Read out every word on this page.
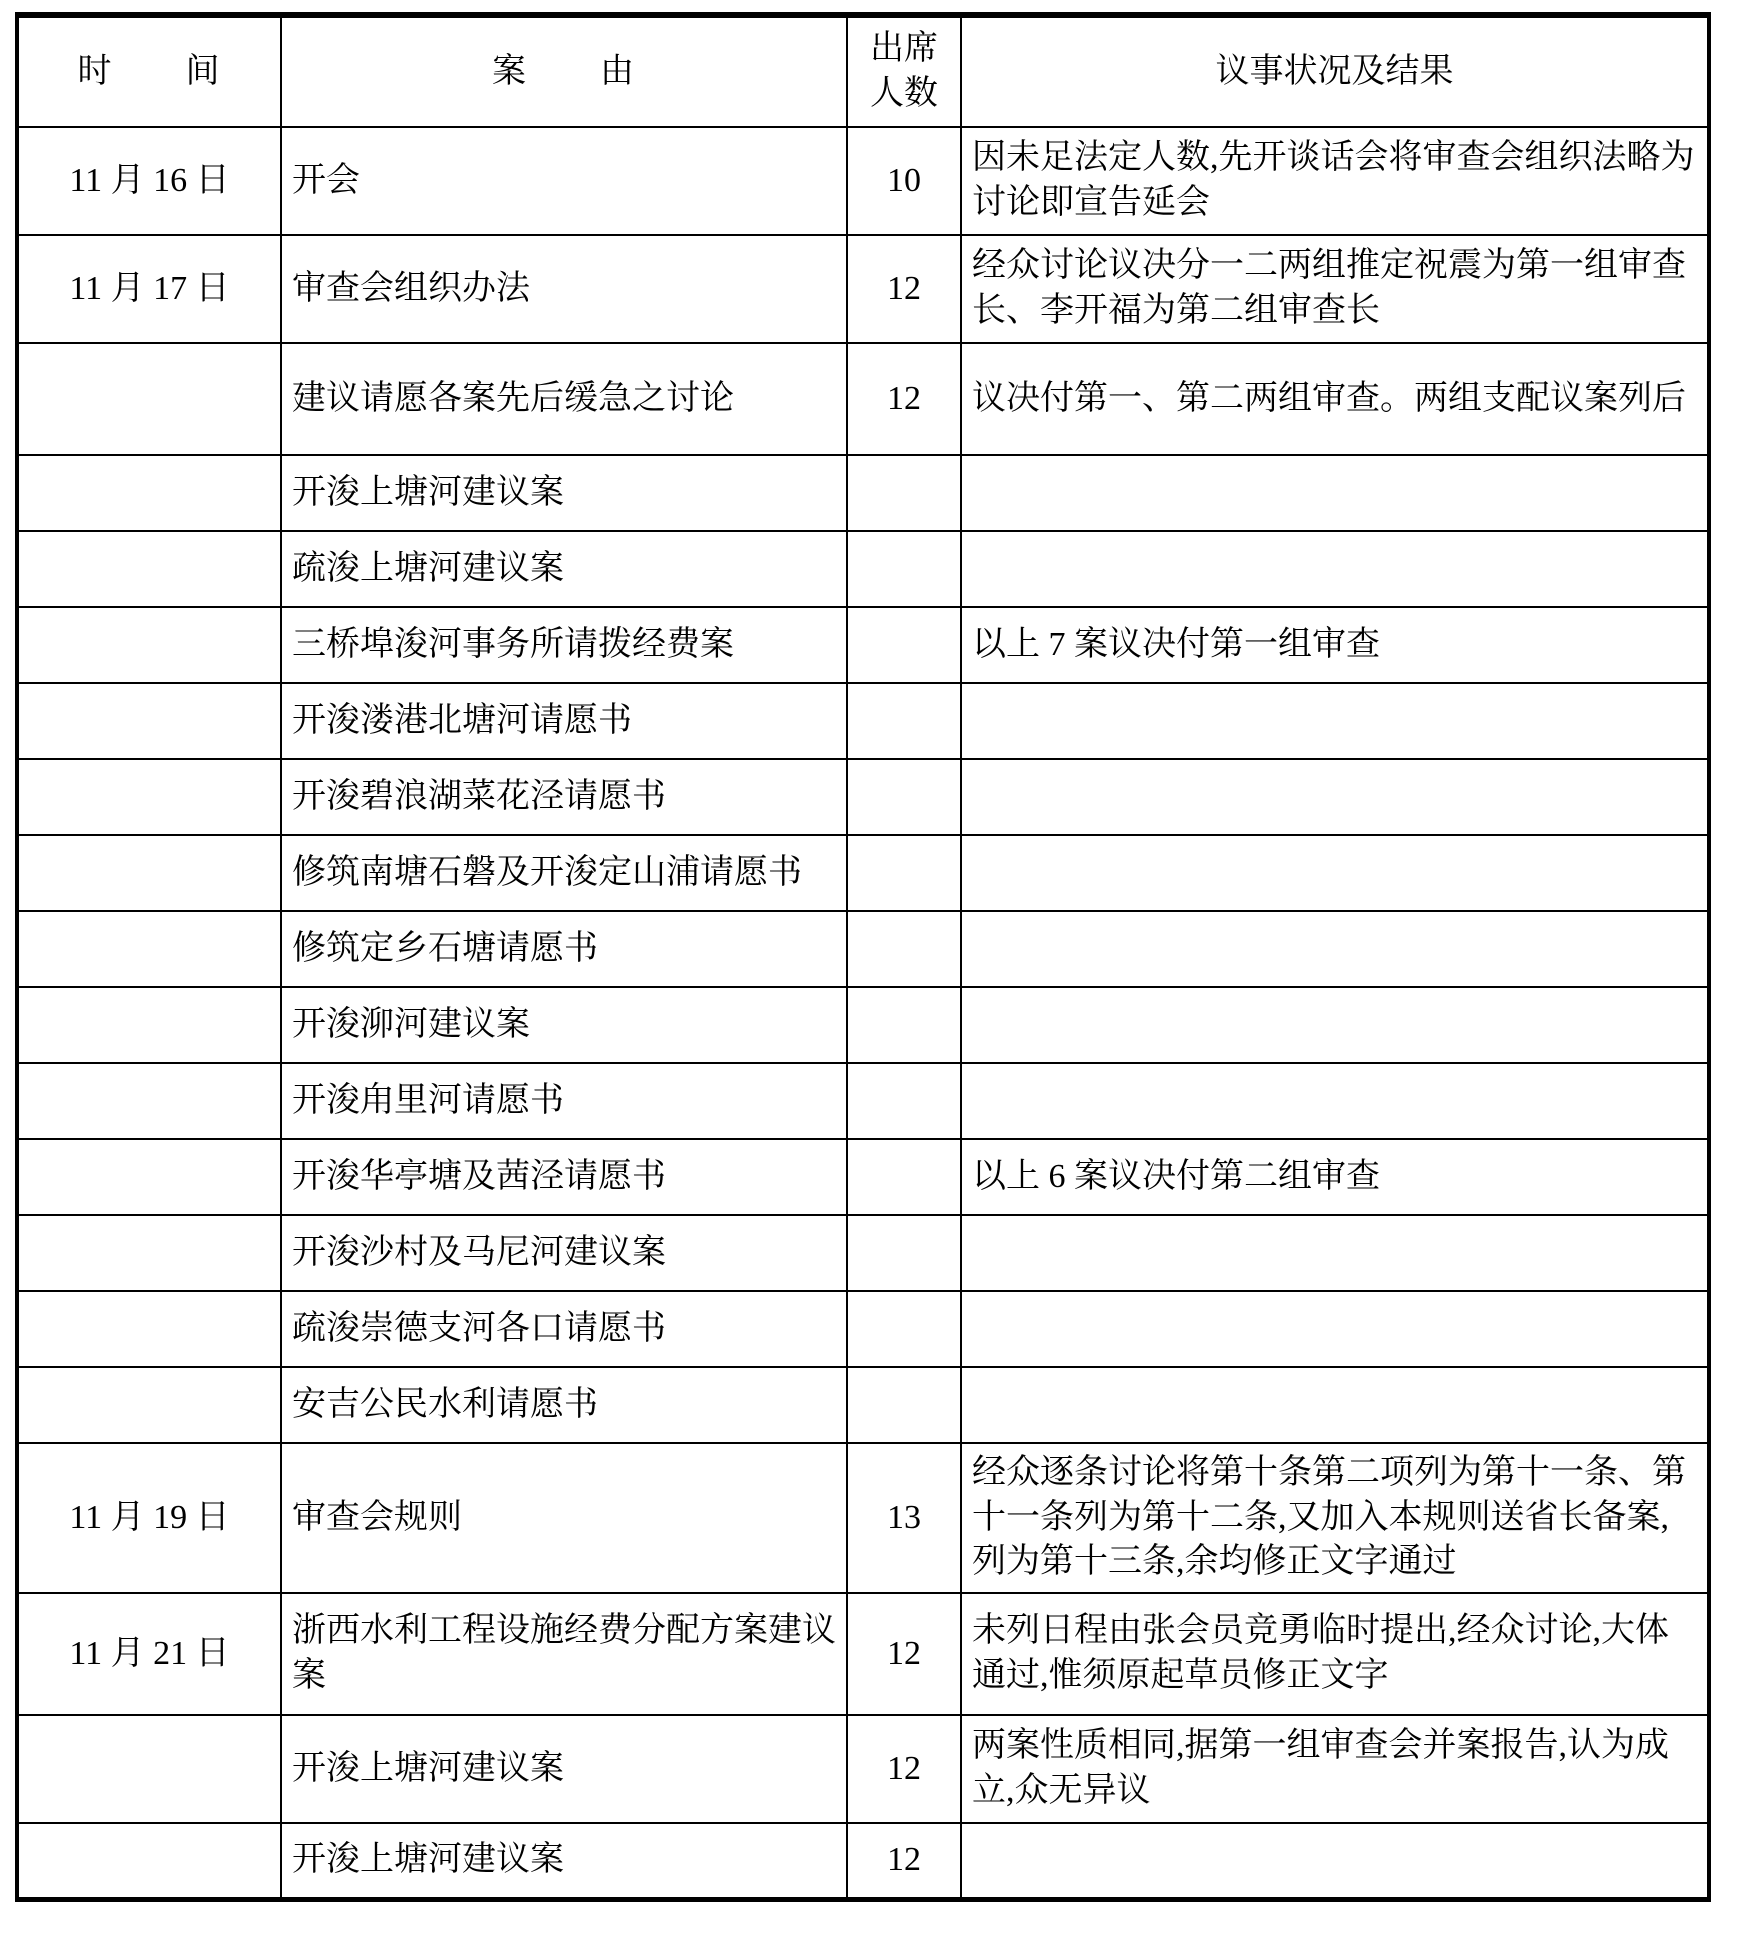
时　　间	案　　由	出席人数	议事状况及结果
11 月 16 日	开会	10	因未足法定人数,先开谈话会将审查会组织法略为讨论即宣告延会
11 月 17 日	审查会组织办法	12	经众讨论议决分一二两组推定祝震为第一组审查长、李开福为第二组审查长
	建议请愿各案先后缓急之讨论	12	议决付第一、第二两组审查。两组支配议案列后
	开浚上塘河建议案		
	疏浚上塘河建议案		
	三桥埠浚河事务所请拨经费案		以上 7 案议决付第一组审查
	开浚溇港北塘河请愿书		
	开浚碧浪湖菜花泾请愿书		
	修筑南塘石磐及开浚定山浦请愿书		
	修筑定乡石塘请愿书		
	开浚泖河建议案		
	开浚甪里河请愿书		
	开浚华亭塘及茜泾请愿书		以上 6 案议决付第二组审查
	开浚沙村及马尼河建议案		
	疏浚崇德支河各口请愿书		
	安吉公民水利请愿书		
11 月 19 日	审查会规则	13	经众逐条讨论将第十条第二项列为第十一条、第十一条列为第十二条,又加入本规则送省长备案,列为第十三条,余均修正文字通过
11 月 21 日	浙西水利工程设施经费分配方案建议案	12	未列日程由张会员竞勇临时提出,经众讨论,大体通过,惟须原起草员修正文字
	开浚上塘河建议案	12	两案性质相同,据第一组审查会并案报告,认为成立,众无异议
	开浚上塘河建议案	12	
